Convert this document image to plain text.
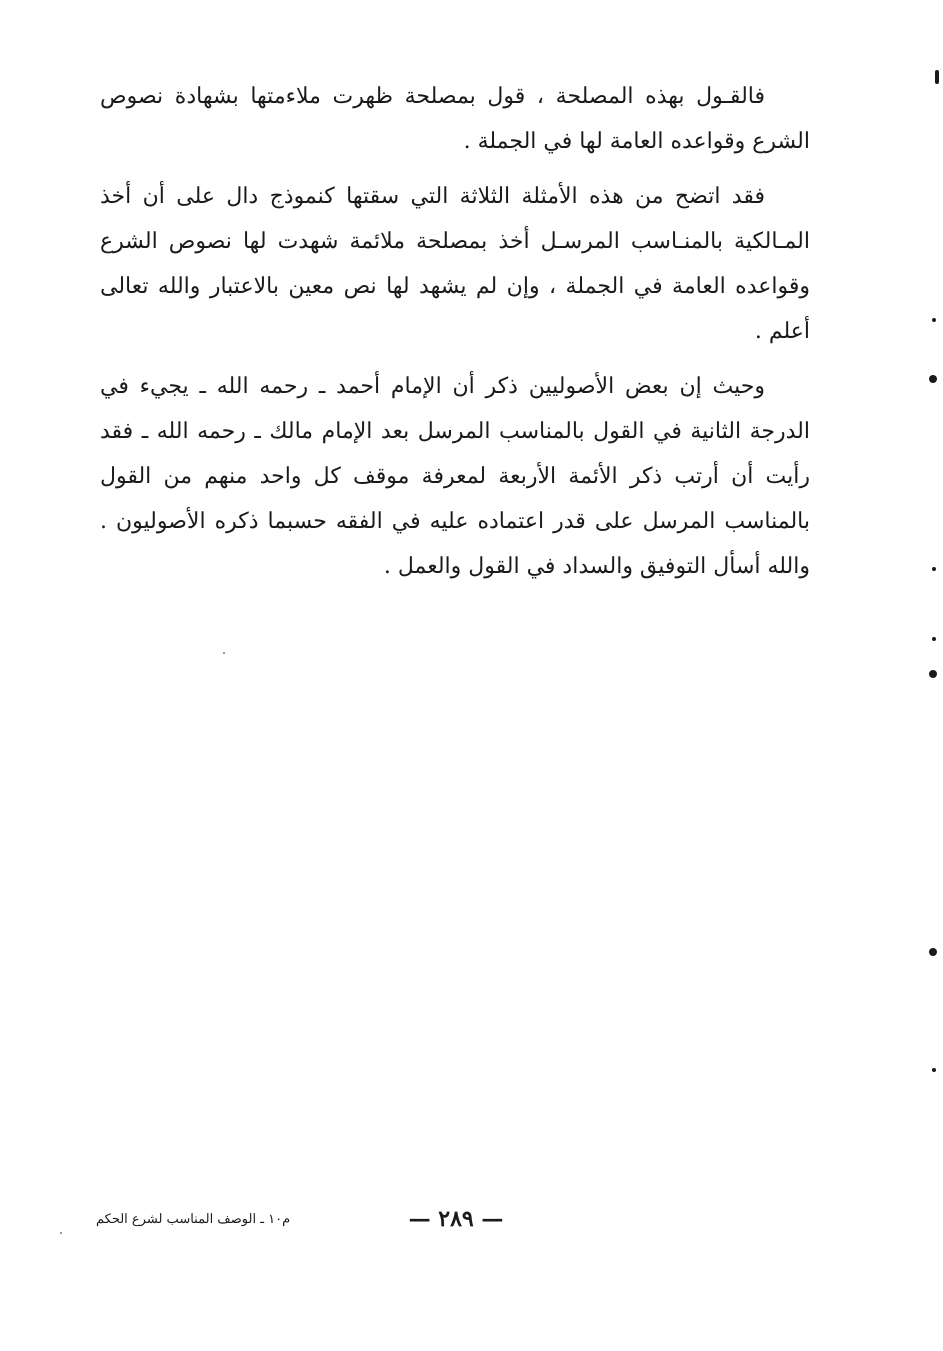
فالقـول بهذه المصلحة ، قول بمصلحة ظهرت ملاءمتها بشهادة نصوص الشرع وقواعده العامة لها في الجملة .

فقد اتضح من هذه الأمثلة الثلاثة التي سقتها كنموذج دال على أن أخذ المـالكية بالمنـاسب المرسـل أخذ بمصلحة ملائمة شهدت لها نصوص الشرع وقواعده العامة في الجملة ، وإن لم يشهد لها نص معين بالاعتبار والله تعالى أعلم .

وحيث إن بعض الأصوليين ذكر أن الإمام أحمد ـ رحمه الله ـ يجيء في الدرجة الثانية في القول بالمناسب المرسل بعد الإمام مالك ـ رحمه الله ـ فقد رأيت أن أرتب ذكر الأئمة الأربعة لمعرفة موقف كل واحد منهم من القول بالمناسب المرسل على قدر اعتماده عليه في الفقه حسبما ذكره الأصوليون . والله أسأل التوفيق والسداد في القول والعمل .

— ٢٨٩ —
م١٠ ـ الوصف المناسب لشرع الحكم
